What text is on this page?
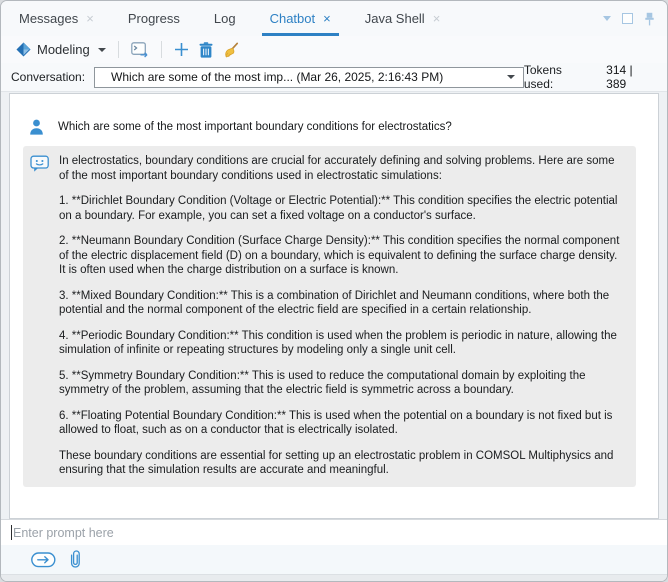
Messages ×	Progress	Log	Chatbot ×	Java Shell ×
Modeling
Conversation: Which are some of the most imp... (Mar 26, 2025, 2:16:43 PM)	Tokens used:
314 | 389
Which are some of the most important boundary conditions for electrostatics?

In electrostatics, boundary conditions are crucial for accurately defining and solving problems. Here are some of the most important boundary conditions used in electrostatic simulations:

1. **Dirichlet Boundary Condition (Voltage or Electric Potential):** This condition specifies the electric potential on a boundary. For example, you can set a fixed voltage on a conductor's surface.

2. **Neumann Boundary Condition (Surface Charge Density):** This condition specifies the normal component of the electric displacement field (D) on a boundary, which is equivalent to defining the surface charge density. It is often used when the charge distribution on a surface is known.

3. **Mixed Boundary Condition:** This is a combination of Dirichlet and Neumann conditions, where both the potential and the normal component of the electric field are specified in a certain relationship.

4. **Periodic Boundary Condition:** This condition is used when the problem is periodic in nature, allowing the simulation of infinite or repeating structures by modeling only a single unit cell.

5. **Symmetry Boundary Condition:** This is used to reduce the computational domain by exploiting the symmetry of the problem, assuming that the electric field is symmetric across a boundary.

6. **Floating Potential Boundary Condition:** This is used when the potential on a boundary is not fixed but is allowed to float, such as on a conductor that is electrically isolated.

These boundary conditions are essential for setting up an electrostatic problem in COMSOL Multiphysics and ensuring that the simulation results are accurate and meaningful.

Enter prompt here
